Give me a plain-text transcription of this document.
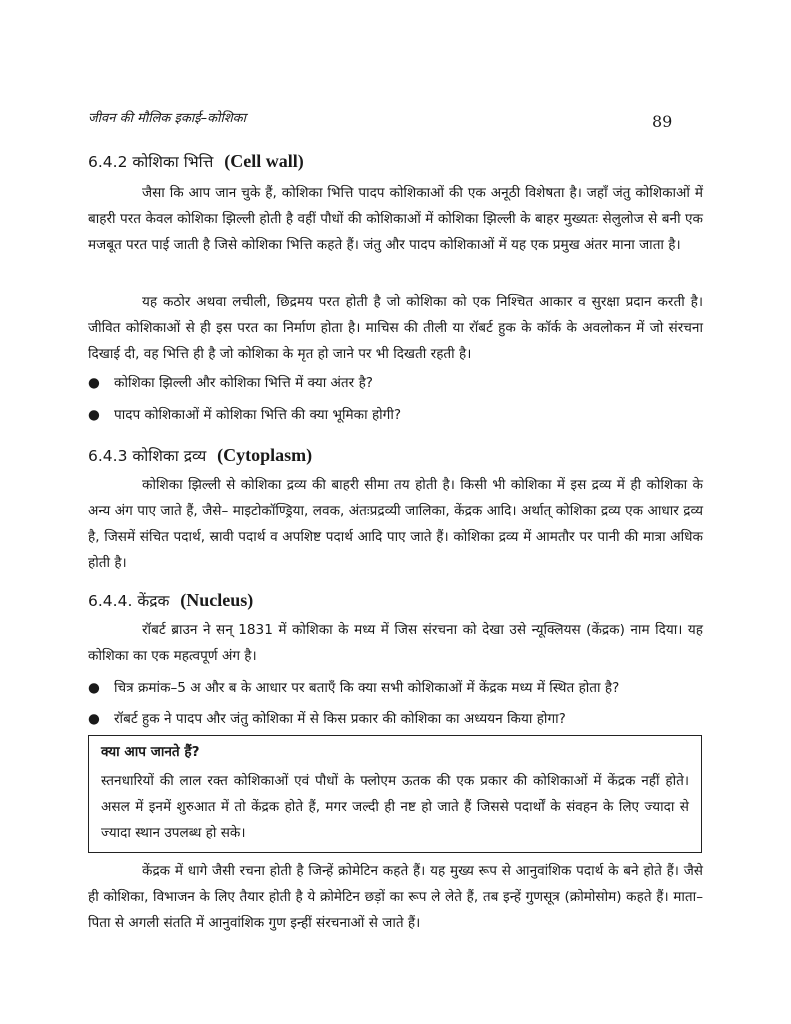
जीवन की मौलिक इकाई–कोशिका	89
6.4.2 कोशिका भित्ति (Cell wall)

जैसा कि आप जान चुके हैं, कोशिका भित्ति पादप कोशिकाओं की एक अनूठी विशेषता है। जहाँ जंतु कोशिकाओं में बाहरी परत केवल कोशिका झिल्ली होती है वहीं पौधों की कोशिकाओं में कोशिका झिल्ली के बाहर मुख्यतः सेलुलोज से बनी एक मजबूत परत पाई जाती है जिसे कोशिका भित्ति कहते हैं। जंतु और पादप कोशिकाओं में यह एक प्रमुख अंतर माना जाता है।

यह कठोर अथवा लचीली, छिद्रमय परत होती है जो कोशिका को एक निश्चित आकार व सुरक्षा प्रदान करती है। जीवित कोशिकाओं से ही इस परत का निर्माण होता है। माचिस की तीली या रॉबर्ट हुक के कॉर्क के अवलोकन में जो संरचना दिखाई दी, वह भित्ति ही है जो कोशिका के मृत हो जाने पर भी दिखती रहती है।

● कोशिका झिल्ली और कोशिका भित्ति में क्या अंतर है?
● पादप कोशिकाओं में कोशिका भित्ति की क्या भूमिका होगी?
6.4.3 कोशिका द्रव्य (Cytoplasm)

कोशिका झिल्ली से कोशिका द्रव्य की बाहरी सीमा तय होती है। किसी भी कोशिका में इस द्रव्य में ही कोशिका के अन्य अंग पाए जाते हैं, जैसे– माइटोकॉण्ड्रिया, लवक, अंतःप्रद्रव्यी जालिका, केंद्रक आदि। अर्थात् कोशिका द्रव्य एक आधार द्रव्य है, जिसमें संचित पदार्थ, स्रावी पदार्थ व अपशिष्ट पदार्थ आदि पाए जाते हैं। कोशिका द्रव्य में आमतौर पर पानी की मात्रा अधिक होती है।

6.4.4. केंद्रक (Nucleus)

रॉबर्ट ब्राउन ने सन् 1831 में कोशिका के मध्य में जिस संरचना को देखा उसे न्यूक्लियस (केंद्रक) नाम दिया। यह कोशिका का एक महत्वपूर्ण अंग है।

● चित्र क्रमांक–5 अ और ब के आधार पर बताएँ कि क्या सभी कोशिकाओं में केंद्रक मध्य में स्थित होता है?
● रॉबर्ट हुक ने पादप और जंतु कोशिका में से किस प्रकार की कोशिका का अध्ययन किया होगा?
क्या आप जानते हैं?

स्तनधारियों की लाल रक्त कोशिकाओं एवं पौधों के फ्लोएम ऊतक की एक प्रकार की कोशिकाओं में केंद्रक नहीं होते। असल में इनमें शुरुआत में तो केंद्रक होते हैं, मगर जल्दी ही नष्ट हो जाते हैं जिससे पदार्थों के संवहन के लिए ज्यादा से ज्यादा स्थान उपलब्ध हो सके।

केंद्रक में धागे जैसी रचना होती है जिन्हें क्रोमेटिन कहते हैं। यह मुख्य रूप से आनुवांशिक पदार्थ के बने होते हैं। जैसे ही कोशिका, विभाजन के लिए तैयार होती है ये क्रोमेटिन छड़ों का रूप ले लेते हैं, तब इन्हें गुणसूत्र (क्रोमोसोम) कहते हैं। माता–पिता से अगली संतति में आनुवांशिक गुण इन्हीं संरचनाओं से जाते हैं।
